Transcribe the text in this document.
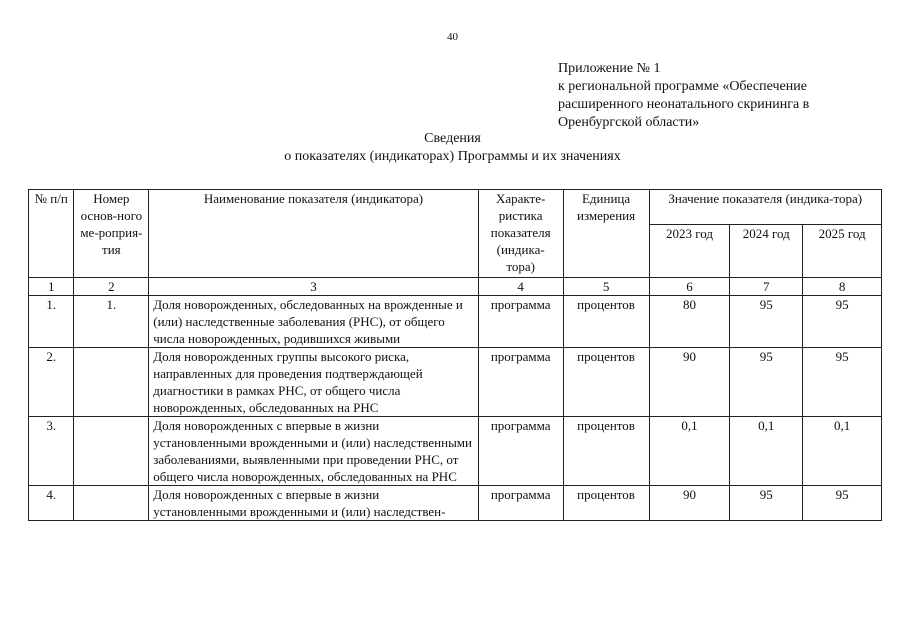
40
Приложение № 1
к региональной программе «Обеспечение
расширенного неонатального скрининга в
Оренбургской области»
Сведения
о показателях (индикаторах) Программы и их значениях
№ п/п	Номер основ-ного ме-роприя-тия	Наименование показателя (индикатора)	Характе-ристика показателя (индика-тора)	Единица измерения	Значение показателя (индика-тора)		
					2023 год	2024 год	2025 год
1	2	3	4	5	6	7	8
1.	1.	Доля новорожденных, обследованных на врожденные и (или) наследственные заболевания (РНС), от общего числа новорожденных, родившихся живыми	программа	процентов	80	95	95
2.		Доля новорожденных группы высокого риска, направленных для проведения подтверждающей диагностики в рамках РНС, от общего числа новорожденных, обследованных на РНС	программа	процентов	90	95	95
3.		Доля новорожденных с впервые в жизни установленными врожденными и (или) наследственными заболеваниями, выявленными при проведении РНС, от общего числа новорожденных, обследованных на РНС	программа	процентов	0,1	0,1	0,1
4.		Доля новорожденных с впервые в жизни установленными врожденными и (или) наследствен-	программа	процентов	90	95	95
